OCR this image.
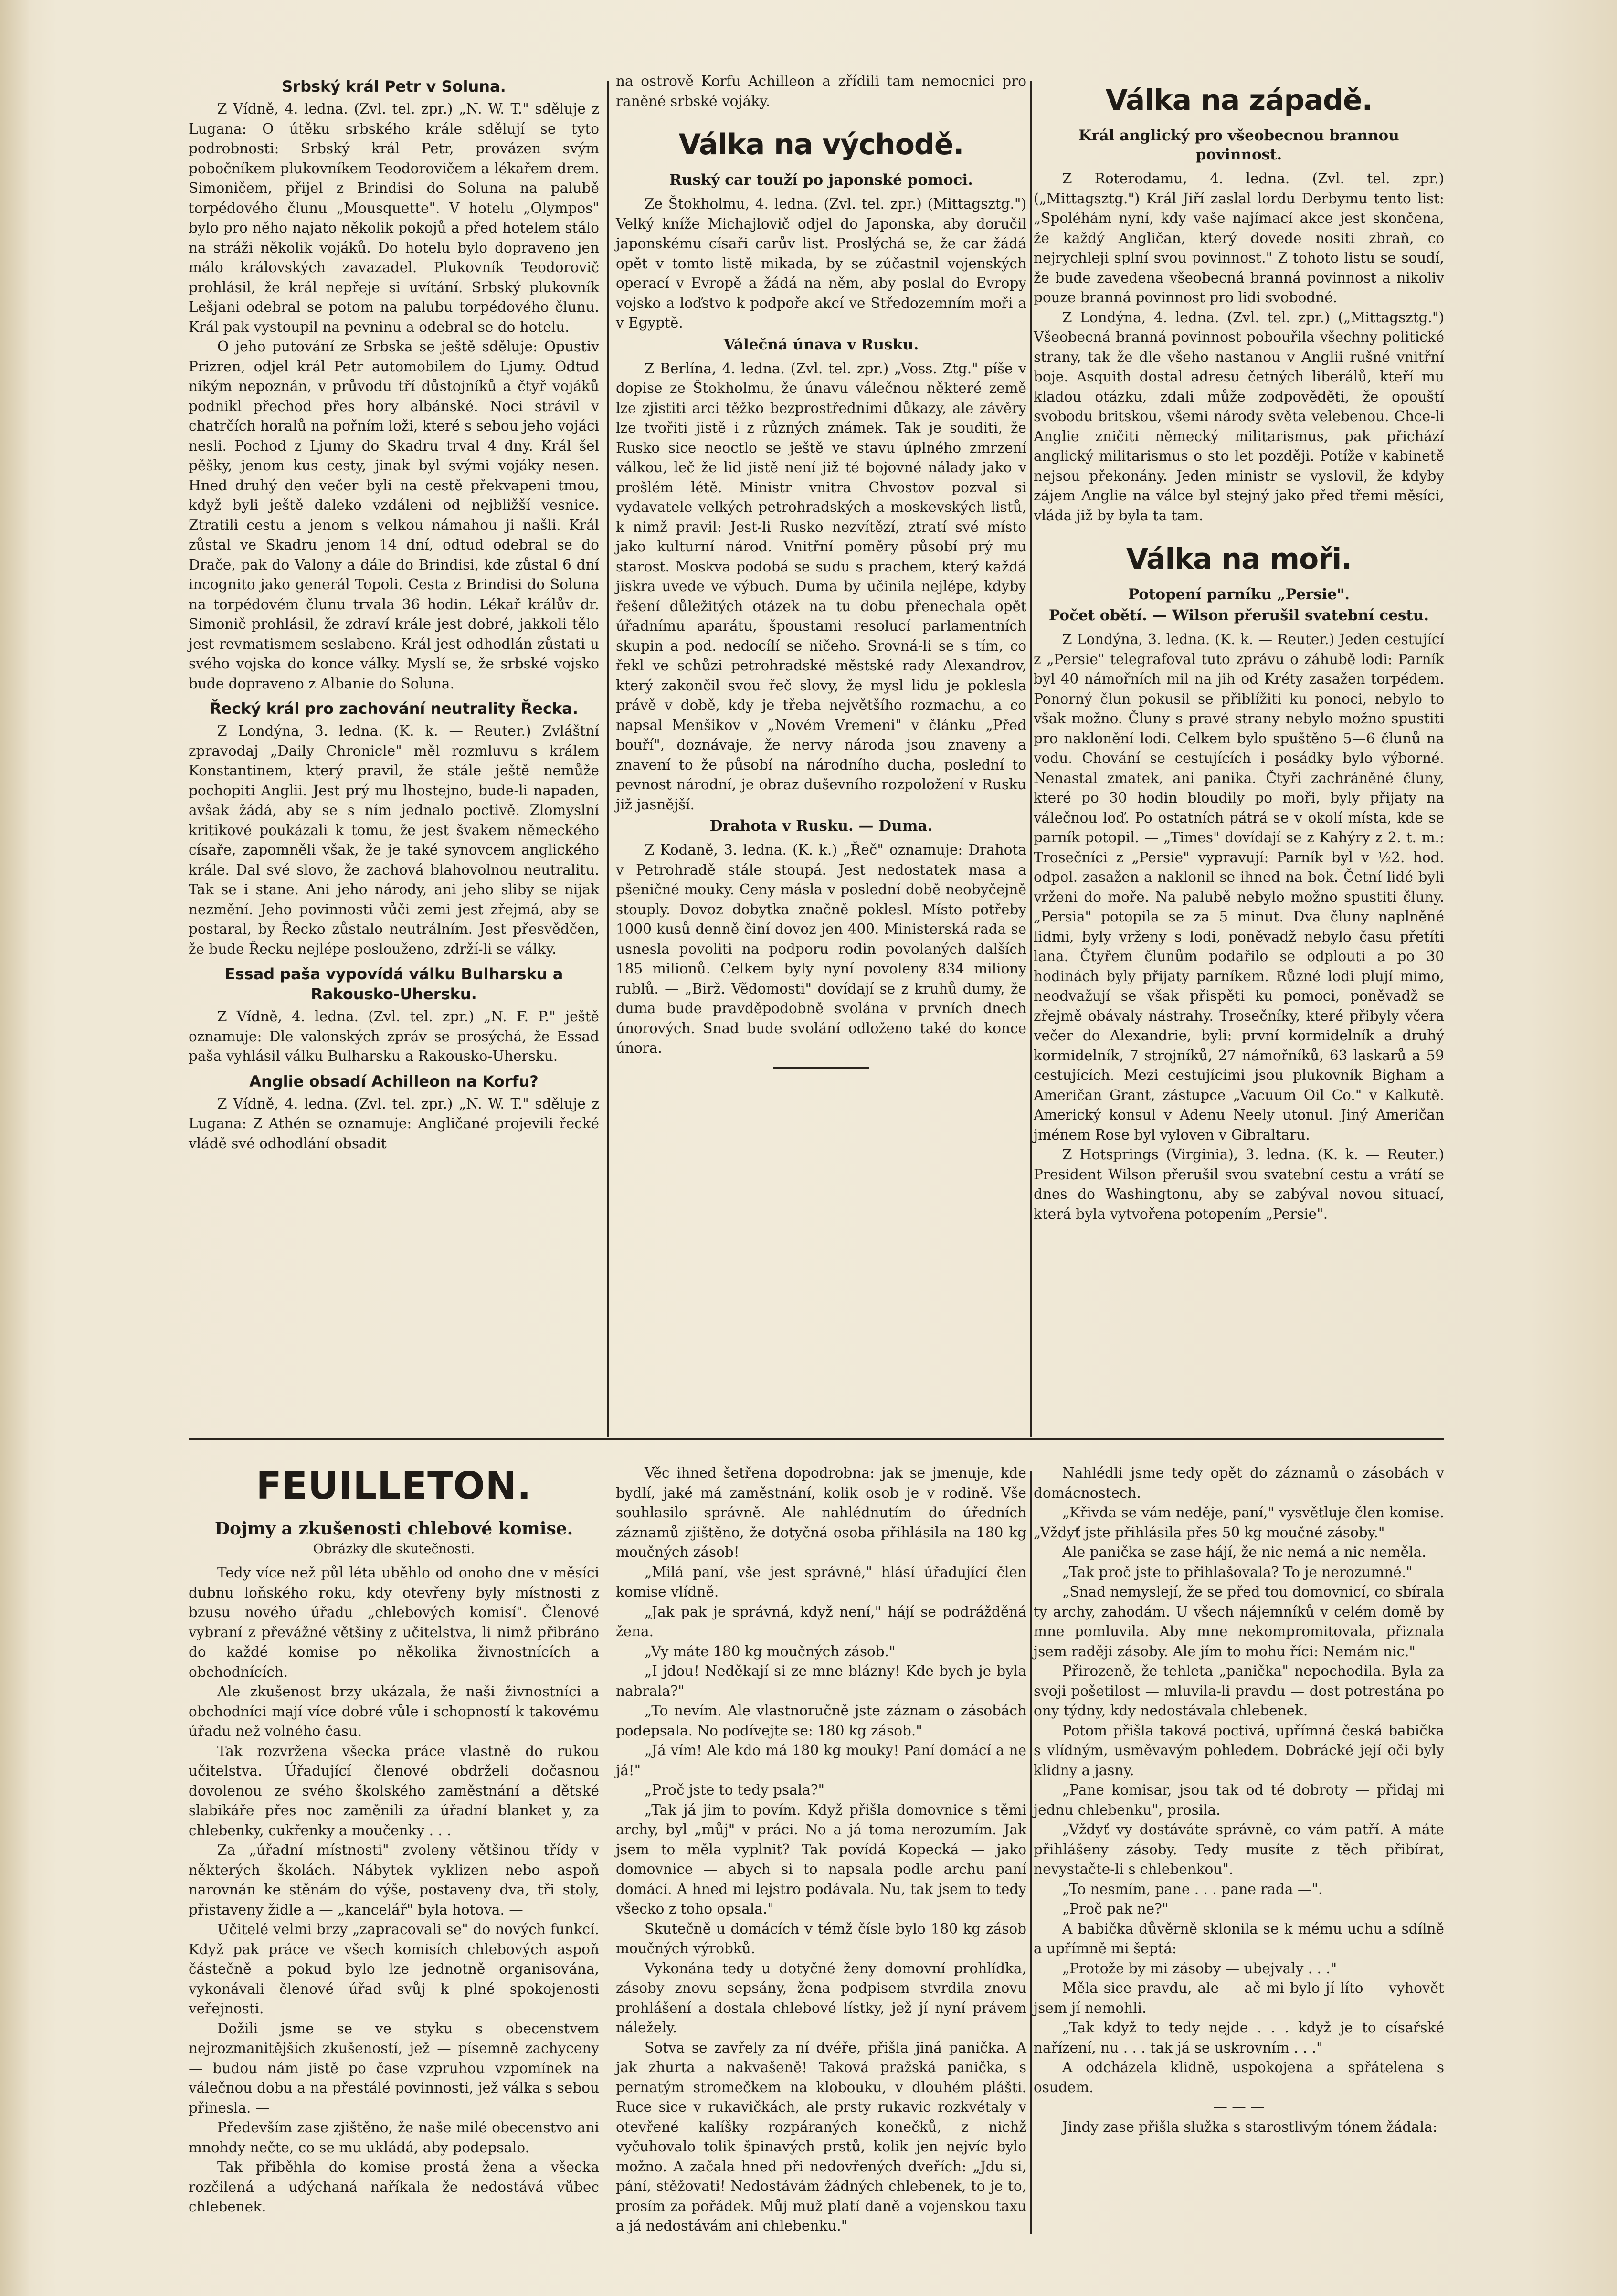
Srbský král Petr v Soluna.

Z Vídně, 4. ledna. (Zvl. tel. zpr.) „N. W. T." sděluje z Lugana: O útěku srbského krále sdělují se tyto podrobnosti: Srbský král Petr, provázen svým pobočníkem plukovníkem Teodorovičem a lékařem drem. Simoničem, přijel z Brindisi do Soluna na palubě torpédového člunu „Mousquette". V hotelu „Olympos" bylo pro něho najato několik pokojů a před hotelem stálo na stráži několik vojáků. Do hotelu bylo dopraveno jen málo královských zavazadel. Plukovník Teodorovič prohlásil, že král nepřeje si uvítání. Srbský plukovník Lešjani odebral se potom na palubu torpédového člunu. Král pak vystoupil na pevninu a odebral se do hotelu.

O jeho putování ze Srbska se ještě sděluje: Opustiv Prizren, odjel král Petr automobilem do Ljumy. Odtud nikým nepoznán, v průvodu tří důstojníků a čtyř vojáků podnikl přechod přes hory albánské. Noci strávil v chatrčích horalů na pořním loži, které s sebou jeho vojáci nesli. Pochod z Ljumy do Skadru trval 4 dny. Král šel pěšky, jenom kus cesty, jinak byl svými vojáky nesen. Hned druhý den večer byli na cestě překvapeni tmou, když byli ještě daleko vzdáleni od nejbližší vesnice. Ztratili cestu a jenom s velkou námahou ji našli. Král zůstal ve Skadru jenom 14 dní, odtud odebral se do Drače, pak do Valony a dále do Brindisi, kde zůstal 6 dní incognito jako generál Topoli. Cesta z Brindisi do Soluna na torpédovém člunu trvala 36 hodin. Lékař králův dr. Simonič prohlásil, že zdraví krále jest dobré, jakkoli tělo jest revmatismem seslabeno. Král jest odhodlán zůstati u svého vojska do konce války. Myslí se, že srbské vojsko bude dopraveno z Albanie do Soluna.

Řecký král pro zachování neutrality Řecka.

Z Londýna, 3. ledna. (K. k. — Reuter.) Zvláštní zpravodaj „Daily Chronicle" měl rozmluvu s králem Konstantinem, který pravil, že stále ještě nemůže pochopiti Anglii. Jest prý mu lhostejno, bude-li napaden, avšak žádá, aby se s ním jednalo poctivě. Zlomyslní kritikové poukázali k tomu, že jest švakem německého císaře, zapomněli však, že je také synovcem anglického krále. Dal své slovo, že zachová blahovolnou neutralitu. Tak se i stane. Ani jeho národy, ani jeho sliby se nijak nezmění. Jeho povinnosti vůči zemi jest zřejmá, aby se postaral, by Řecko zůstalo neutrálním. Jest přesvědčen, že bude Řecku nejlépe poslouženo, zdrží-li se války.

Essad paša vypovídá válku Bulharsku a Rakousko-Uhersku.

Z Vídně, 4. ledna. (Zvl. tel. zpr.) „N. F. P." ještě oznamuje: Dle valonských zpráv se prosýchá, že Essad paša vyhlásil válku Bulharsku a Rakousko-Uhersku.

Anglie obsadí Achilleon na Korfu?

Z Vídně, 4. ledna. (Zvl. tel. zpr.) „N. W. T." sděluje z Lugana: Z Athén se oznamuje: Angličané projevili řecké vládě své odhodlání obsadit

FEUILLETON.
Dojmy a zkušenosti chlebové komise.
Obrázky dle skutečnosti.

Tedy více než půl léta uběhlo od onoho dne v měsíci dubnu loňského roku, kdy otevřeny byly místnosti z bzusu nového úřadu „chlebových komisí". Členové vybraní z převážné většiny z učitelstva, li nimž přibráno do každé komise po několika živnostnících a obchodnících.

Ale zkušenost brzy ukázala, že naši živnostníci a obchodníci mají více dobré vůle i schopností k takovému úřadu než volného času.

Tak rozvržena všecka práce vlastně do rukou učitelstva. Úřadující členové obdrželi dočasnou dovolenou ze svého školského zaměstnání a dětské slabikáře přes noc zaměnili za úřadní blanket y, za chlebenky, cukřenky a moučenky . . .

Za „úřadní místnosti" zvoleny většinou třídy v některých školách. Nábytek vyklizen nebo aspoň narovnán ke stěnám do výše, postaveny dva, tři stoly, přistaveny židle a — „kancelář" byla hotova. —

Učitelé velmi brzy „zapracovali se" do nových funkcí. Když pak práce ve všech komisích chlebových aspoň částečně a pokud bylo lze jednotně organisována, vykonávali členové úřad svůj k plné spokojenosti veřejnosti.

Dožili jsme se ve styku s obecenstvem nejrozmanitějších zkušeností, jež — písemně zachyceny — budou nám jistě po čase vzpruhou vzpomínek na válečnou dobu a na přestálé povinnosti, jež válka s sebou přinesla. —

Především zase zjištěno, že naše milé obecenstvo ani mnohdy nečte, co se mu ukládá, aby podepsalo.

Tak přiběhla do komise prostá žena a všecka rozčilená a udýchaná naříkala že nedostává vůbec chlebenek.

na ostrově Korfu Achilleon a zřídili tam nemocnici pro raněné srbské vojáky.

Válka na východě.
Ruský car touží po japonské pomoci.

Ze Štokholmu, 4. ledna. (Zvl. tel. zpr.) (Mittagsztg.") Velký kníže Michajlovič odjel do Japonska, aby doručil japonskému císaři carův list. Proslýchá se, že car žádá opět v tomto listě mikada, by se zúčastnil vojenských operací v Evropě a žádá na něm, aby poslal do Evropy vojsko a loďstvo k podpoře akcí ve Středozemním moři a v Egyptě.

Válečná únava v Rusku.

Z Berlína, 4. ledna. (Zvl. tel. zpr.) „Voss. Ztg." píše v dopise ze Štokholmu, že únavu válečnou některé země lze zjistiti arci těžko bezprostředními důkazy, ale závěry lze tvořiti jistě i z různých známek. Tak je souditi, že Rusko sice neoctlo se ještě ve stavu úplného zmrzení válkou, leč že lid jistě není již té bojovné nálady jako v prošlém létě. Ministr vnitra Chvostov pozval si vydavatele velkých petrohradských a moskevských listů, k nimž pravil: Jest-li Rusko nezvítězí, ztratí své místo jako kulturní národ. Vnitřní poměry působí prý mu starost. Moskva podobá se sudu s prachem, který každá jiskra uvede ve výbuch. Duma by učinila nejlépe, kdyby řešení důležitých otázek na tu dobu přenechala opět úřadnímu aparátu, špoustami resolucí parlamentních skupin a pod. nedocílí se ničeho. Srovná-li se s tím, co řekl ve schůzi petrohradské městské rady Alexandrov, který zakončil svou řeč slovy, že mysl lidu je poklesla právě v době, kdy je třeba největšího rozmachu, a co napsal Menšikov v „Novém Vremeni" v článku „Před bouří", doznávaje, že nervy národa jsou znaveny a znavení to že působí na národního ducha, poslední to pevnost národní, je obraz duševního rozpoložení v Rusku již jasnější.

Drahota v Rusku. — Duma.

Z Kodaně, 3. ledna. (K. k.) „Řeč" oznamuje: Drahota v Petrohradě stále stoupá. Jest nedostatek masa a pšeničné mouky. Ceny másla v poslední době neobyčejně stouply. Dovoz dobytka značně poklesl. Místo potřeby 1000 kusů denně činí dovoz jen 400. Ministerská rada se usnesla povoliti na podporu rodin povolaných dalších 185 milionů. Celkem byly nyní povoleny 834 miliony rublů. — „Birž. Vědomosti" dovídají se z kruhů dumy, že duma bude pravděpodobně svolána v prvních dnech únorových. Snad bude svolání odloženo také do konce února.

Válka na západě.
Král anglický pro všeobecnou brannou povinnost.

Z Roterodamu, 4. ledna. (Zvl. tel. zpr.) („Mittagsztg.") Král Jiří zaslal lordu Derbymu tento list: „Spoléhám nyní, kdy vaše najímací akce jest skončena, že každý Angličan, který dovede nositi zbraň, co nejrychleji splní svou povinnost." Z tohoto listu se soudí, že bude zavedena všeobecná branná povinnost a nikoliv pouze branná povinnost pro lidi svobodné.

Z Londýna, 4. ledna. (Zvl. tel. zpr.) („Mittagsztg.") Všeobecná branná povinnost pobouřila všechny politické strany, tak že dle všeho nastanou v Anglii rušné vnitřní boje. Asquith dostal adresu četných liberálů, kteří mu kladou otázku, zdali může zodpověděti, že opouští svobodu britskou, všemi národy světa velebenou. Chce-li Anglie zničiti německý militarismus, pak přichází anglický militarismus o sto let později. Potíže v kabinetě nejsou překonány. Jeden ministr se vyslovil, že kdyby zájem Anglie na válce byl stejný jako před třemi měsíci, vláda již by byla ta tam.

Válka na moři.
Potopení parníku „Persie".
Počet obětí. — Wilson přerušil svatební cestu.

Z Londýna, 3. ledna. (K. k. — Reuter.) Jeden cestující z „Persie" telegrafoval tuto zprávu o záhubě lodi: Parník byl 40 námořních mil na jih od Kréty zasažen torpédem. Ponorný člun pokusil se přiblížiti ku ponoci, nebylo to však možno. Čluny s pravé strany nebylo možno spustiti pro naklonění lodi. Celkem bylo spuštěno 5—6 člunů na vodu. Chování se cestujících i posádky bylo výborné. Nenastal zmatek, ani panika. Čtyři zachráněné čluny, které po 30 hodin bloudily po moři, byly přijaty na válečnou loď. Po ostatních pátrá se v okolí místa, kde se parník potopil. — „Times" dovídají se z Kahýry z 2. t. m.: Trosečníci z „Persie" vypravují: Parník byl v ½2. hod. odpol. zasažen a naklonil se ihned na bok. Četní lidé byli vrženi do moře. Na palubě nebylo možno spustiti čluny. „Persia" potopila se za 5 minut. Dva čluny naplněné lidmi, byly vrženy s lodi, poněvadž nebylo času přetíti lana. Čtyřem člunům podařilo se odplouti a po 30 hodinách byly přijaty parníkem. Různé lodi plují mimo, neodvažují se však přispěti ku pomoci, poněvadž se zřejmě obávaly nástrahy. Trosečníky, které přibyly včera večer do Alexandrie, byli: první kormidelník a druhý kormidelník, 7 strojníků, 27 námořníků, 63 laskarů a 59 cestujících. Mezi cestujícími jsou plukovník Bigham a Američan Grant, zástupce „Vacuum Oil Co." v Kalkutě. Americký konsul v Adenu Neely utonul. Jiný Američan jménem Rose byl vyloven v Gibraltaru.

Z Hotsprings (Virginia), 3. ledna. (K. k. — Reuter.) President Wilson přerušil svou svatební cestu a vrátí se dnes do Washingtonu, aby se zabýval novou situací, která byla vytvořena potopením „Persie".

Věc ihned šetřena dopodrobna: jak se jmenuje, kde bydlí, jaké má zaměstnání, kolik osob je v rodině. Vše souhlasilo správně. Ale nahlédnutím do úředních záznamů zjištěno, že dotyčná osoba přihlásila na 180 kg moučných zásob!

„Milá paní, vše jest správné," hlásí úřadující člen komise vlídně.

„Jak pak je správná, když není," hájí se podrážděná žena.

„Vy máte 180 kg moučných zásob."

„I jdou! Neděkají si ze mne blázny! Kde bych je byla nabrala?"

„To nevím. Ale vlastnoručně jste záznam o zásobách podepsala. No podívejte se: 180 kg zásob."

„Já vím! Ale kdo má 180 kg mouky! Paní domácí a ne já!"

„Proč jste to tedy psala?"

„Tak já jim to povím. Když přišla domovnice s těmi archy, byl „můj" v práci. No a já toma nerozumím. Jak jsem to měla vyplnit? Tak povídá Kopecká — jako domovnice — abych si to napsala podle archu paní domácí. A hned mi lejstro podávala. Nu, tak jsem to tedy všecko z toho opsala."

Skutečně u domácích v témž čísle bylo 180 kg zásob moučných výrobků.

Vykonána tedy u dotyčné ženy domovní prohlídka, zásoby znovu sepsány, žena podpisem stvrdila znovu prohlášení a dostala chlebové lístky, jež jí nyní právem náležely.

Sotva se zavřely za ní dvéře, přišla jiná panička. A jak zhurta a nakvašeně! Taková pražská panička, s pernatým stromečkem na klobouku, v dlouhém plášti. Ruce sice v rukavičkách, ale prsty rukavic rozkvétaly v otevřené kalíšky rozpáraných konečků, z nichž vyčuhovalo tolik špinavých prstů, kolik jen nejvíc bylo možno. A začala hned při nedovřených dveřích: „Jdu si, pání, stěžovati! Nedostávám žádných chlebenek, to je to, prosím za pořádek. Můj muž platí daně a vojenskou taxu a já nedostávám ani chlebenku."

Nahlédli jsme tedy opět do záznamů o zásobách v domácnostech.

„Křivda se vám neděje, paní," vysvětluje člen komise. „Vždyť jste přihlásila přes 50 kg moučné zásoby."

Ale panička se zase hájí, že nic nemá a nic neměla.

„Tak proč jste to přihlašovala? To je nerozumné."

„Snad nemyslejí, že se před tou domovnicí, co sbírala ty archy, zahodám. U všech nájemníků v celém domě by mne pomluvila. Aby mne nekompromitovala, přiznala jsem raději zásoby. Ale jím to mohu říci: Nemám nic."

Přirozeně, že tehleta „panička" nepochodila. Byla za svoji pošetilost — mluvila-li pravdu — dost potrestána po ony týdny, kdy nedostávala chlebenek.

Potom přišla taková poctivá, upřímná česká babička s vlídným, usměvavým pohledem. Dobrácké její oči byly klidny a jasny.

„Pane komisar, jsou tak od té dobroty — přidaj mi jednu chlebenku", prosila.

„Vždyť vy dostáváte správně, co vám patří. A máte přihlášeny zásoby. Tedy musíte z těch přibírat, nevystačte-li s chlebenkou".

„To nesmím, pane . . . pane rada —".

„Proč pak ne?"

A babička důvěrně sklonila se k mému uchu a sdílně a upřímně mi šeptá:

„Protože by mi zásoby — ubejvaly . . ."

Měla sice pravdu, ale — ač mi bylo jí líto — vyhovět jsem jí nemohli.

„Tak když to tedy nejde . . . když je to císařské nařízení, nu . . . tak já se uskrovním . . ."

A odcházela klidně, uspokojena a spřátelena s osudem.

— — —

Jindy zase přišla služka s starostlivým tónem žádala:
